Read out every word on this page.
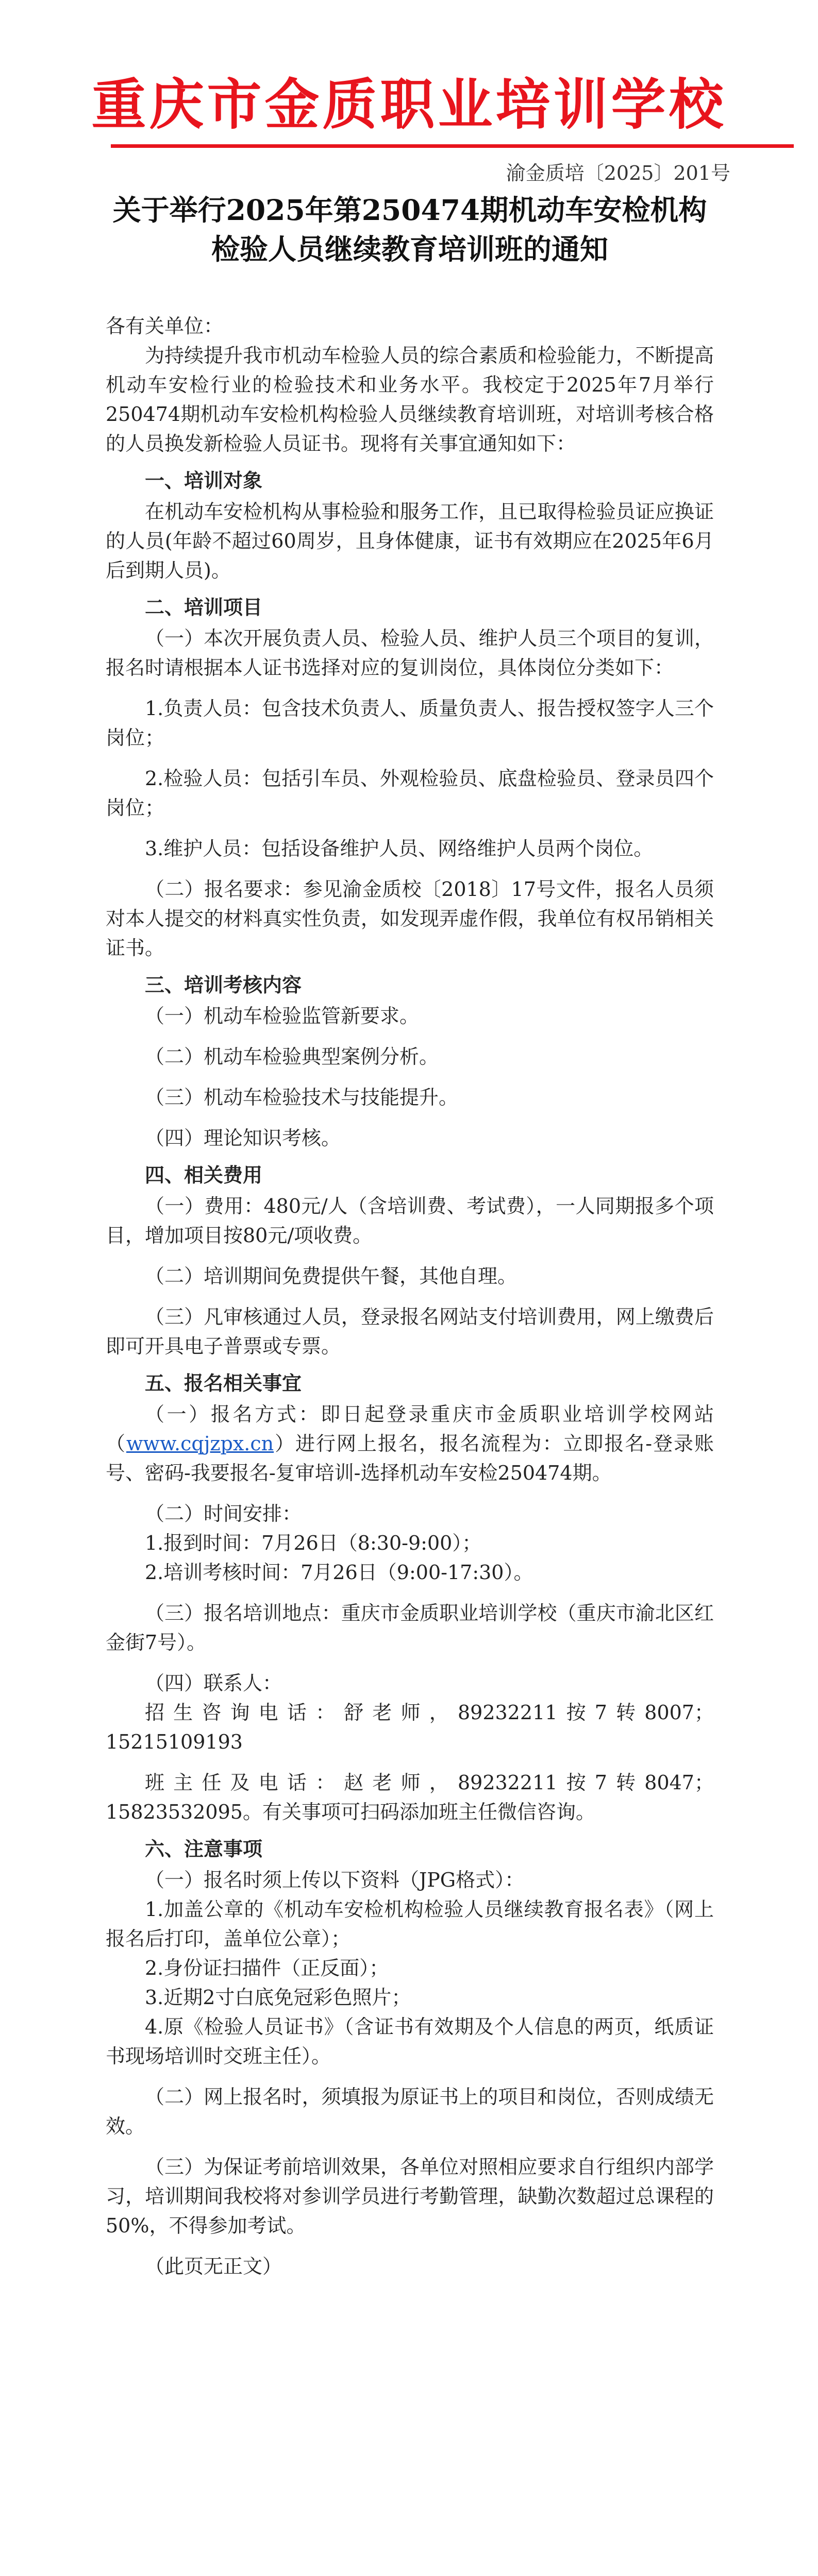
重庆市金质职业培训学校
渝金质培〔2025〕201号
关于举行2025年第250474期机动车安检机构
检验人员继续教育培训班的通知

各有关单位：

为持续提升我市机动车检验人员的综合素质和检验能力，不断提高机动车安检行业的检验技术和业务水平。我校定于2025年7月举行250474期机动车安检机构检验人员继续教育培训班，对培训考核合格的人员换发新检验人员证书。现将有关事宜通知如下：

一、培训对象

在机动车安检机构从事检验和服务工作，且已取得检验员证应换证的人员(年龄不超过60周岁，且身体健康，证书有效期应在2025年6月后到期人员)。

二、培训项目

（一）本次开展负责人员、检验人员、维护人员三个项目的复训，报名时请根据本人证书选择对应的复训岗位，具体岗位分类如下：

1.负责人员：包含技术负责人、质量负责人、报告授权签字人三个岗位；

2.检验人员：包括引车员、外观检验员、底盘检验员、登录员四个岗位；

3.维护人员：包括设备维护人员、网络维护人员两个岗位。

（二）报名要求：参见渝金质校〔2018〕17号文件，报名人员须对本人提交的材料真实性负责，如发现弄虚作假，我单位有权吊销相关证书。

三、培训考核内容

（一）机动车检验监管新要求。

（二）机动车检验典型案例分析。

（三）机动车检验技术与技能提升。

（四）理论知识考核。

四、相关费用

（一）费用：480元/人（含培训费、考试费），一人同期报多个项目，增加项目按80元/项收费。

（二）培训期间免费提供午餐，其他自理。

（三）凡审核通过人员，登录报名网站支付培训费用，网上缴费后即可开具电子普票或专票。

五、报名相关事宜

（一）报名方式：即日起登录重庆市金质职业培训学校网站（www.cqjzpx.cn）进行网上报名，报名流程为：立即报名-登录账号、密码-我要报名-复审培训-选择机动车安检250474期。

（二）时间安排：

1.报到时间：7月26日（8:30-9:00）；

2.培训考核时间：7月26日（9:00-17:30）。

（三）报名培训地点：重庆市金质职业培训学校（重庆市渝北区红金街7号）。

（四）联系人：

招生咨询电话：舒老师，89232211按7转8007；15215109193

班主任及电话：赵老师，89232211按7转8047；15823532095。有关事项可扫码添加班主任微信咨询。

六、注意事项

（一）报名时须上传以下资料（JPG格式）：

1.加盖公章的《机动车安检机构检验人员继续教育报名表》（网上报名后打印，盖单位公章）；

2.身份证扫描件（正反面）；

3.近期2寸白底免冠彩色照片；

4.原《检验人员证书》（含证书有效期及个人信息的两页，纸质证书现场培训时交班主任）。

（二）网上报名时，须填报为原证书上的项目和岗位，否则成绩无效。

（三）为保证考前培训效果，各单位对照相应要求自行组织内部学习，培训期间我校将对参训学员进行考勤管理，缺勤次数超过总课程的50%，不得参加考试。

（此页无正文）
